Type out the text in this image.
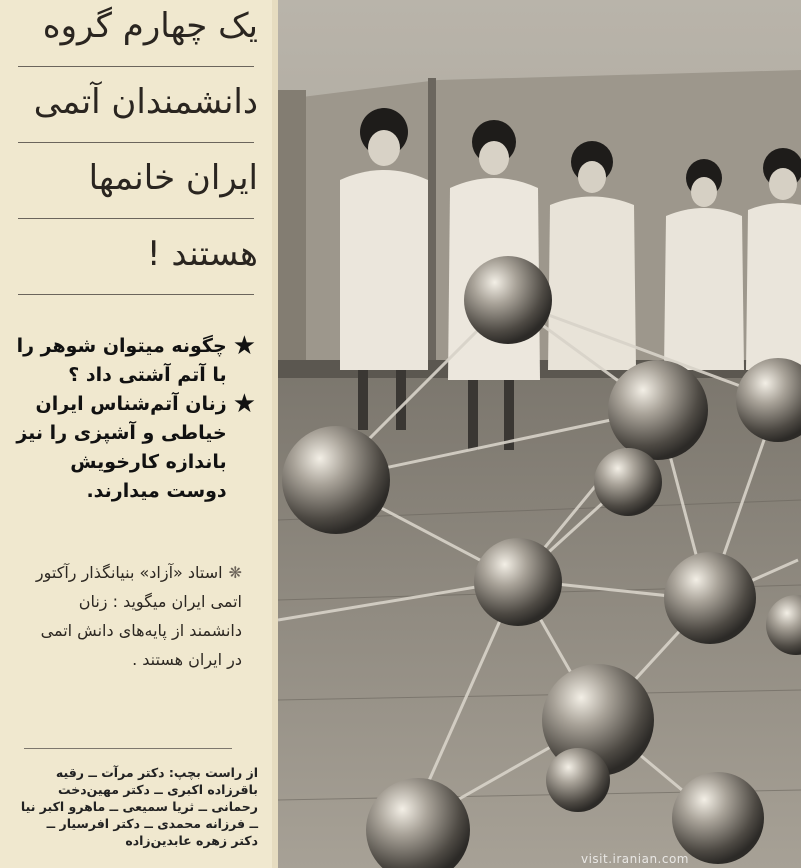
یک چهارم گروه
دانشمندان آتمی
ایران خانمها
هستند !
★
چگونه میتوان شوهر را با آتم آشتی داد ؟
★
زنان آتم‌شناس ایران خیاطی و آشپزی را نیز باندازه کارخویش دوست میدارند.
❋استاد «آزاد» بنیانگذار رآکتور اتمی ایران میگوید : زنان دانشمند از پایه‌های دانش اتمی در ایران هستند .
از راست بچپ: دکتر مرآت ــ رقیه باقرزاده اکبری ــ دکتر مهین‌دخت رحمانی ــ ثریا سمیعی ــ ماهرو اکبر نیا ــ فرزانه محمدی ــ دکتر افرسیار ــ دکتر زهره عابدین‌زاده
visit.iranian.com
